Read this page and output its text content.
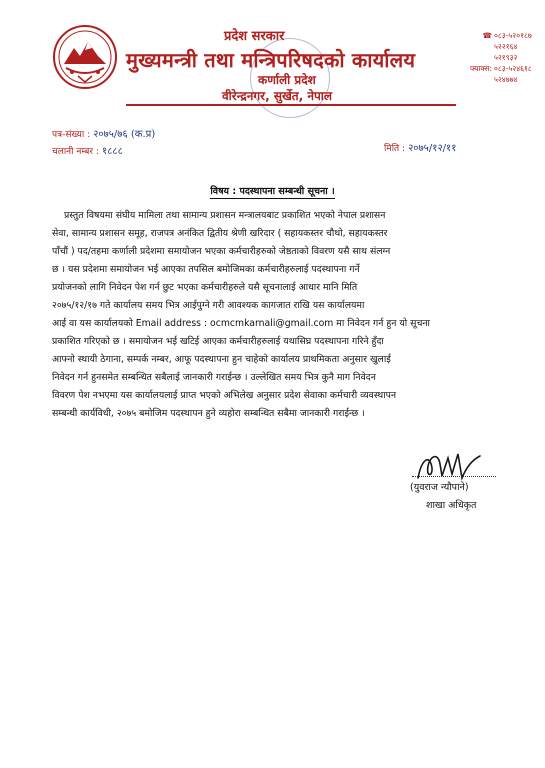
प्रदेश सरकार
मुख्यमन्त्री तथा मन्त्रिपरिषदको कार्यालय
कर्णाली प्रदेश
वीरेन्द्रनगर, सुर्खेत, नेपाल
☎ ०८३-५२०१८७
५२२१६४
५२१९३२
फ्याक्स: ०८३-५२४६१८
५२४७७४
पत्र-संख्या : २०७५/७६ (क.प्र)
चलानी नम्बर : १८८८	मिति : २०७५/१२/११
विषय : पदस्थापना सम्बन्धी सूचना ।
प्रस्तुत विषयमा संघीय मामिला तथा सामान्य प्रशासन मन्त्रालयबाट प्रकाशित भएको नेपाल प्रशासन
सेवा, सामान्य प्रशासन समूह, राजपत्र अनंकित द्वितीय श्रेणी खरिदार ( सहायकस्तर चौथो, सहायकस्तर
पाँचौं ) पद/तहमा कर्णाली प्रदेशमा समायोजन भएका कर्मचारीहरुको जेष्ठताको विवरण यसै साथ संलग्न
छ । यस प्रदेशमा समायोजन भई आएका तपसिल बमोजिमका कर्मचारीहरुलाई पदस्थापना गर्ने
प्रयोजनको लागि निवेदन पेश गर्न छुट भएका कर्मचारीहरुले यसै सूचनालाई आधार मानि मिति
२०७५/१२/१७ गते कार्यालय समय भित्र आईपुग्ने गरी आवश्यक कागजात राखि यस कार्यालयमा
आई वा यस कार्यालयको Email address : ocmcmkarnali@gmail.com मा निवेदन गर्न हुन यो सूचना
प्रकाशित गरिएको छ । समायोजन भई खटिई आएका कर्मचारीहरुलाई यथासिघ्र पदस्थापना गरिने हुँदा
आफ्नो स्थायी ठेगाना, सम्पर्क नम्बर, आफू पदस्थापना हुन चाहेको कार्यालय प्राथमिकता अनुसार खुलाई
निवेदन गर्न हुनसमेत सम्बन्धित सबैलाई जानकारी गराईन्छ । उल्लेखित समय भित्र कुनै माग निवेदन
विवरण पेश नभएमा यस कार्यालयलाई प्राप्त भएको अभिलेख अनुसार प्रदेश सेवाका कर्मचारी व्यवस्थापन
सम्बन्धी कार्यविधी, २०७५ बमोजिम पदस्थापन हुने व्यहोरा सम्बन्धित सबैमा जानकारी गराईन्छ ।
(युवराज न्यौपाने)
शाखा अधिकृत
